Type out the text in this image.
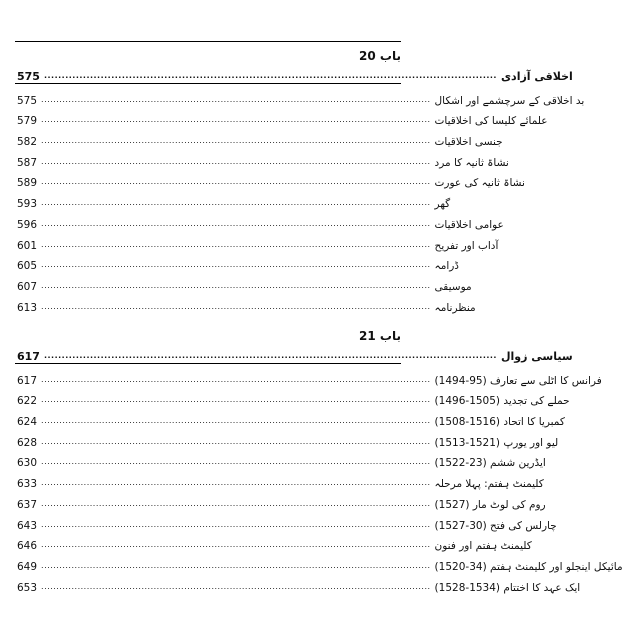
باب 20
575 ................................................................................................................................ اخلاقی آزادی
575 ................................................................................................................................ بد اخلاقی کے سرچشمے اور اشکال
579 ................................................................................................................................ علمائے کلیسا کی اخلاقیات
582 ................................................................................................................................ جنسی اخلاقیات
587 ................................................................................................................................ نشاۃ ثانیہ کا مرد
589 ................................................................................................................................ نشاۃ ثانیہ کی عورت
593 ................................................................................................................................ گھر
596 ................................................................................................................................ عوامی اخلاقیات
601 ................................................................................................................................ آداب اور تفریح
605 ................................................................................................................................ ڈرامہ
607 ................................................................................................................................ موسیقی
613 ................................................................................................................................ منظرنامہ
باب 21
617 ................................................................................................................................ سیاسی زوال
617 ................................................................................................................................ فرانس کا اٹلی سے تعارف (95-1494)
622 ................................................................................................................................ حملے کی تجدید (1505-1496)
624 ................................................................................................................................ کمبریا کا اتحاد (1516-1508)
628 ................................................................................................................................ لیو اور یورپ (1521-1513)
630 ................................................................................................................................ ایڈرین ششم (23-1522)
633 ................................................................................................................................ کلیمنٹ ہفتم: پہلا مرحلہ
637 ................................................................................................................................ روم کی لوٹ مار (1527)
643 ................................................................................................................................ چارلس کی فتح (30-1527)
646 ................................................................................................................................ کلیمنٹ ہفتم اور فنون
649 ................................................................................................................................ مائیکل اینجلو اور کلیمنٹ ہفتم (34-1520)
653 ................................................................................................................................ ایک عہد کا اختتام (1534-1528)
